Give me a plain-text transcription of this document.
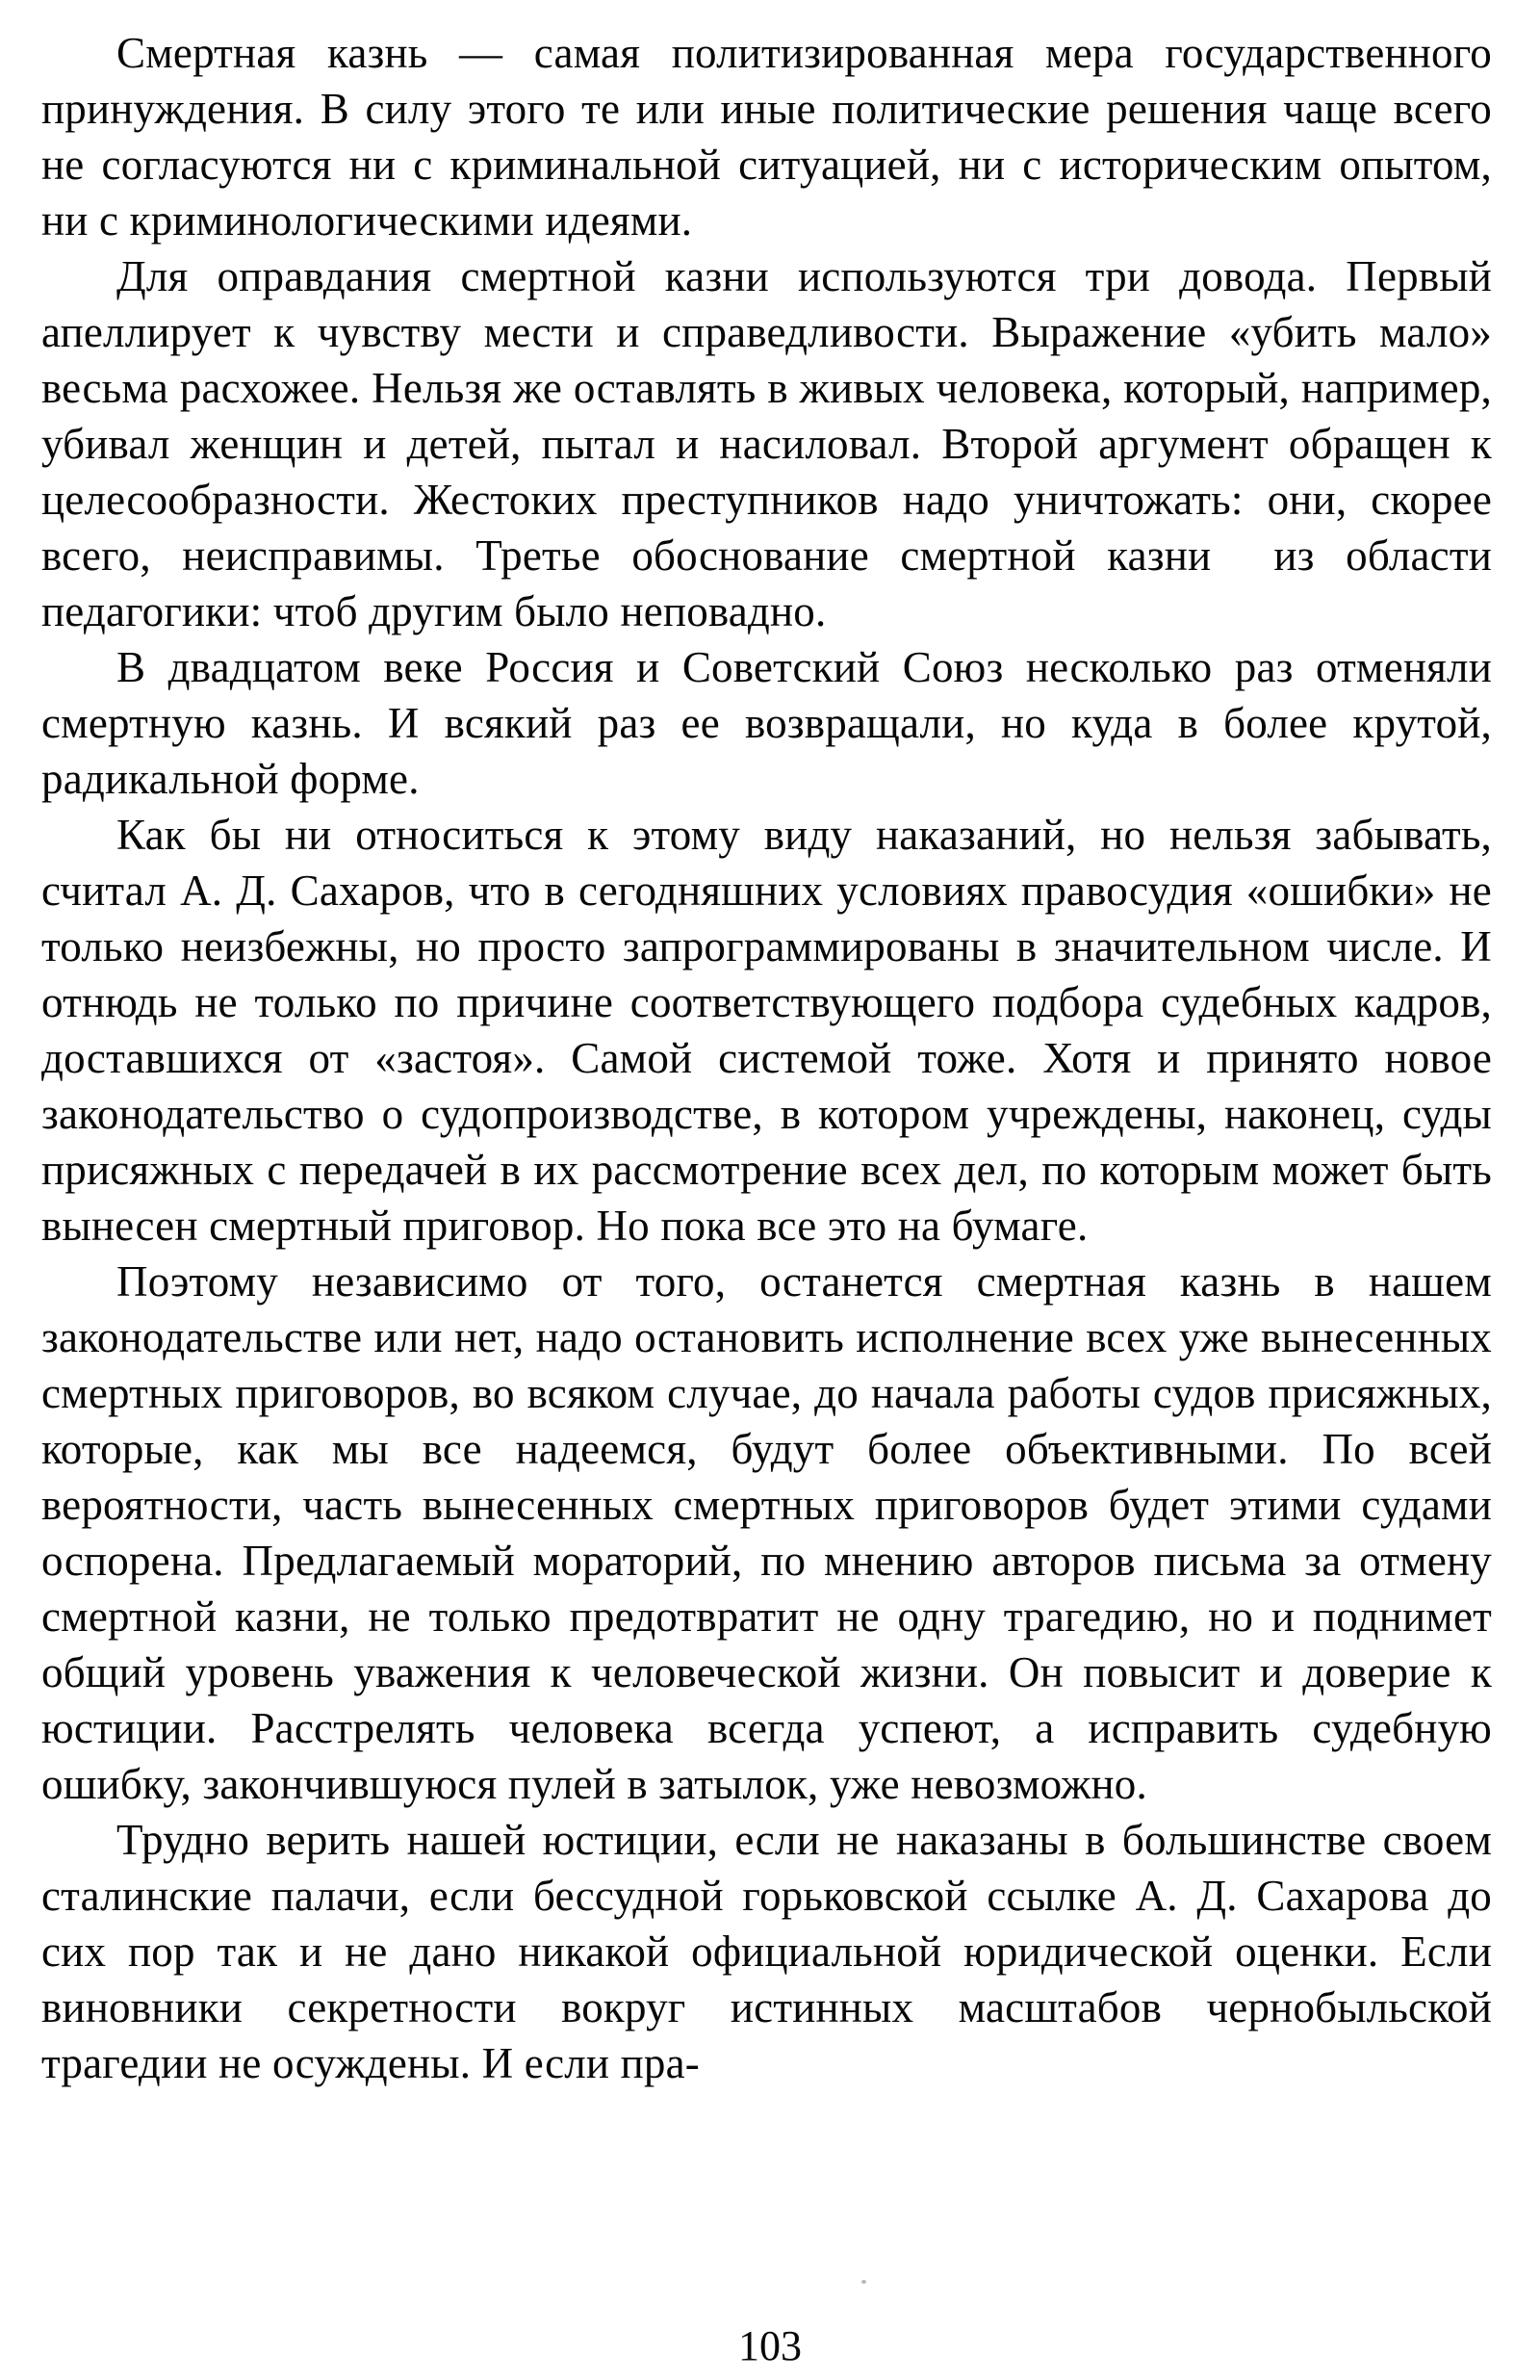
Смертная казнь — самая политизированная мера государственного принуждения. В силу этого те или иные политические решения чаще всего не согласуются ни с криминальной ситуацией, ни с историческим опытом, ни с криминологическими идеями.

Для оправдания смертной казни используются три довода. Первый апеллирует к чувству мести и справедливости. Выражение «убить мало» весьма расхожее. Нельзя же оставлять в живых человека, который, например, убивал женщин и детей, пытал и насиловал. Второй аргумент обращен к целесообразности. Жестоких преступников надо уничтожать: они, скорее всего, неисправимы. Третье обоснование смертной казни  из области педагогики: чтоб другим было неповадно.

В двадцатом веке Россия и Советский Союз несколько раз отменяли смертную казнь. И всякий раз ее возвращали, но куда в более крутой, радикальной форме.

Как бы ни относиться к этому виду наказаний, но нельзя забывать, считал А. Д. Сахаров, что в сегодняшних условиях правосудия «ошибки» не только неизбежны, но просто запрограммированы в значительном числе. И отнюдь не только по причине соответствующего подбора судебных кадров, доставшихся от «застоя». Самой системой тоже. Хотя и принято новое законодательство о судопроизводстве, в котором учреждены, наконец, суды присяжных с передачей в их рассмотрение всех дел, по которым может быть вынесен смертный приговор. Но пока все это на бумаге.

Поэтому независимо от того, останется смертная казнь в нашем законодательстве или нет, надо остановить исполнение всех уже вынесенных смертных приговоров, во всяком случае, до начала работы судов присяжных, которые, как мы все надеемся, будут более объективными. По всей вероятности, часть вынесенных смертных приговоров будет этими судами оспорена. Предлагаемый мораторий, по мнению авторов письма за отмену смертной казни, не только предотвратит не одну трагедию, но и поднимет общий уровень уважения к человеческой жизни. Он повысит и доверие к юстиции. Расстрелять человека всегда успеют, а исправить судебную ошибку, закончившуюся пулей в затылок, уже невозможно.

Трудно верить нашей юстиции, если не наказаны в большинстве своем сталинские палачи, если бессудной горьковской ссылке А. Д. Сахарова до сих пор так и не дано никакой официальной юридической оценки. Если виновники секретности вокруг истинных масштабов чернобыльской трагедии не осуждены. И если пра-

103
